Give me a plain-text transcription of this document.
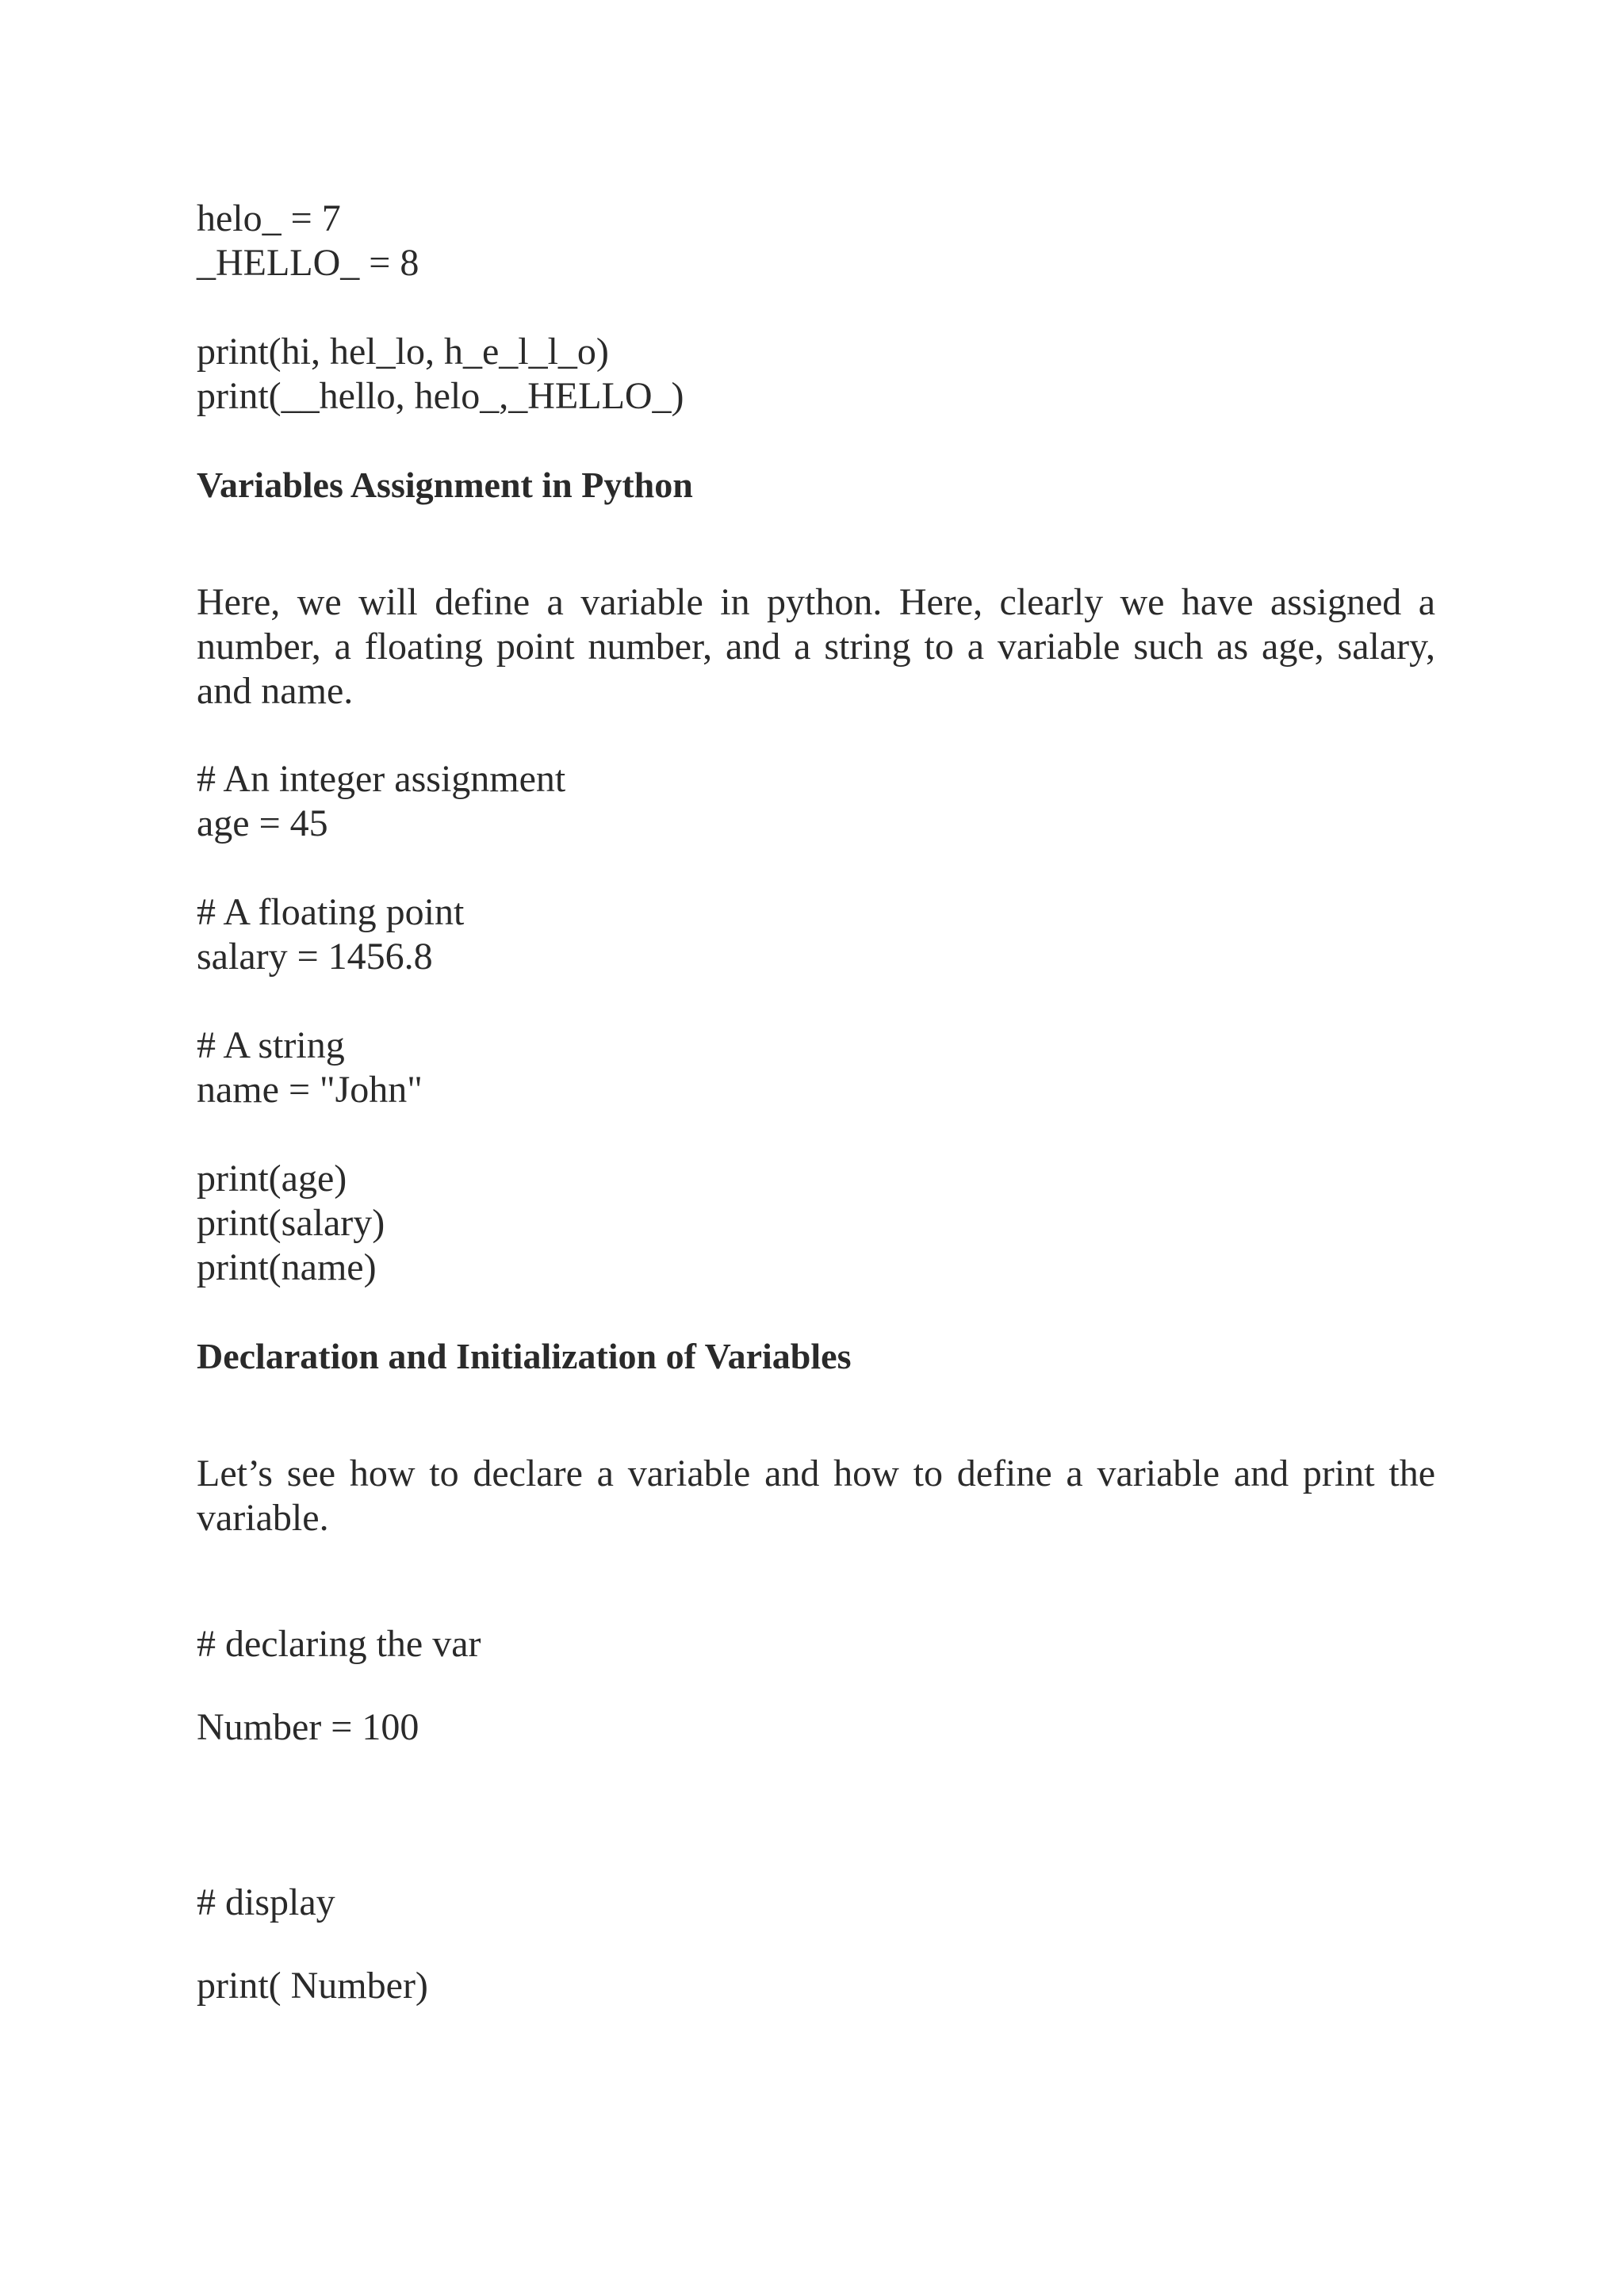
helo_ = 7

_HELLO_ = 8

print(hi, hel_lo, h_e_l_l_o)

print(__hello, helo_,_HELLO_)

Variables Assignment in Python

Here, we will define a variable in python. Here, clearly we have assigned a number, a floating point number, and a string to a variable such as age, salary, and name.

# An integer assignment

age = 45

# A floating point

salary = 1456.8

# A string

name = "John"

print(age)

print(salary)

print(name)

Declaration and Initialization of Variables

Let’s see how to declare a variable and how to define a variable and print the variable.

# declaring the var

Number = 100

# display

print( Number)
